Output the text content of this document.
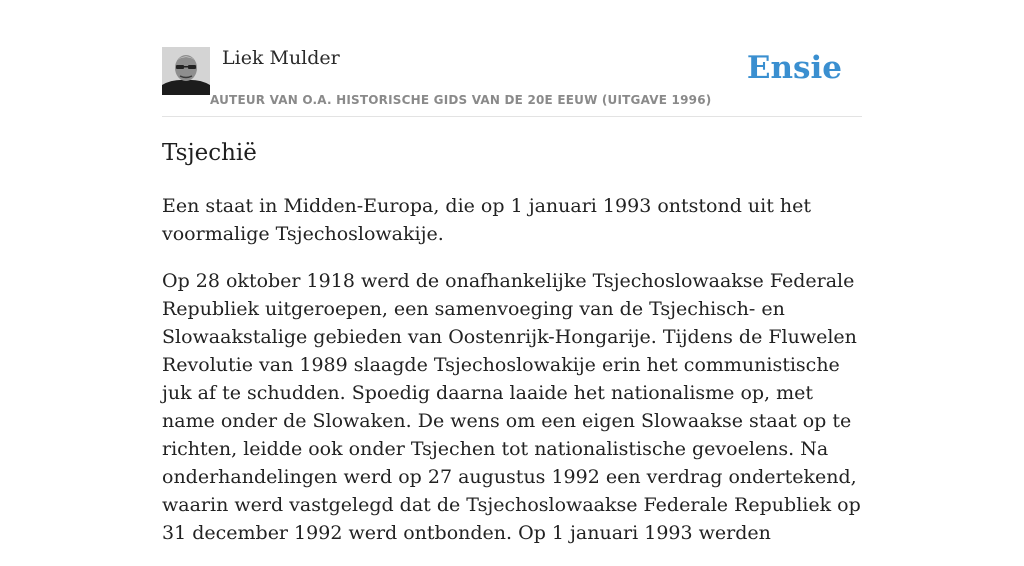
Liek Mulder
AUTEUR VAN O.A. HISTORISCHE GIDS VAN DE 20E EEUW (UITGAVE 1996)
Ensie
Tsjechië

Een staat in Midden-Europa, die op 1 januari 1993 ontstond uit het voormalige Tsjechoslowakije.

Op 28 oktober 1918 werd de onafhankelijke Tsjechoslowaakse Federale Republiek uitgeroepen, een samenvoeging van de Tsjechisch- en Slowaakstalige gebieden van Oostenrijk-Hongarije. Tijdens de Fluwelen Revolutie van 1989 slaagde Tsjechoslowakije erin het communistische juk af te schudden. Spoedig daarna laaide het nationalisme op, met name onder de Slowaken. De wens om een eigen Slowaakse staat op te richten, leidde ook onder Tsjechen tot nationalistische gevoelens. Na onderhandelingen werd op 27 augustus 1992 een verdrag ondertekend, waarin werd vastgelegd dat de Tsjechoslowaakse Federale Republiek op 31 december 1992 werd ontbonden. Op 1 januari 1993 werden
